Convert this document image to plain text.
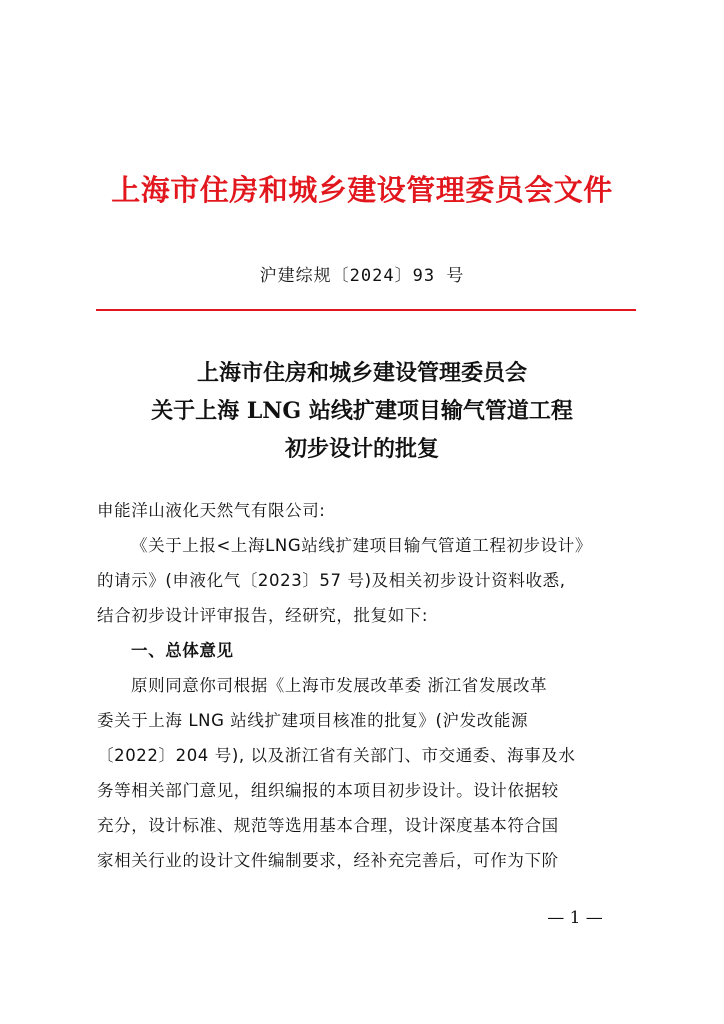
上海市住房和城乡建设管理委员会文件
沪建综规〔2024〕93 号
上海市住房和城乡建设管理委员会
关于上海 LNG 站线扩建项目输气管道工程
初步设计的批复
申能洋山液化天然气有限公司:
《关于上报<上海LNG站线扩建项目输气管道工程初步设计》
的请示》(申液化气〔2023〕57 号)及相关初步设计资料收悉,
结合初步设计评审报告，经研究，批复如下:
一、总体意见
原则同意你司根据《上海市发展改革委 浙江省发展改革
委关于上海 LNG 站线扩建项目核准的批复》(沪发改能源
〔2022〕204 号), 以及浙江省有关部门、市交通委、海事及水
务等相关部门意见，组织编报的本项目初步设计。设计依据较
充分，设计标准、规范等选用基本合理，设计深度基本符合国
家相关行业的设计文件编制要求，经补充完善后，可作为下阶
— 1 —
